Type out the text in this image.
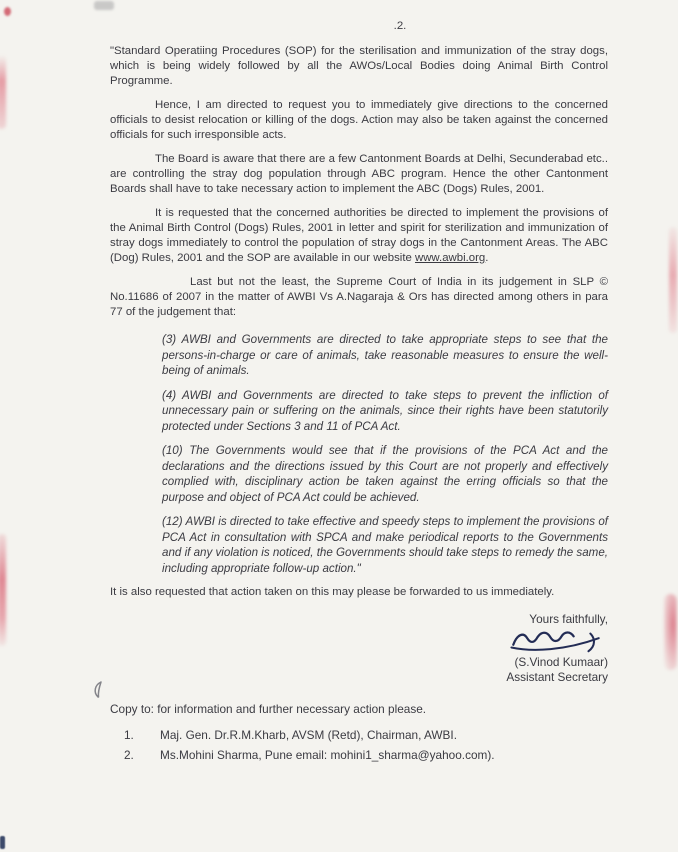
.2.

"Standard Operatiing Procedures (SOP) for the sterilisation and immunization of the stray dogs, which is being widely followed by all the AWOs/Local Bodies doing Animal Birth Control Programme.

Hence, I am directed to request you to immediately give directions to the concerned officials to desist relocation or killing of the dogs. Action may also be taken against the concerned officials for such irresponsible acts.

The Board is aware that there are a few Cantonment Boards at Delhi, Secunderabad etc.. are controlling the stray dog population through ABC program. Hence the other Cantonment Boards shall have to take necessary action to implement the ABC (Dogs) Rules, 2001.

It is requested that the concerned authorities be directed to implement the provisions of the Animal Birth Control (Dogs) Rules, 2001 in letter and spirit for sterilization and immunization of stray dogs immediately to control the population of stray dogs in the Cantonment Areas. The ABC (Dog) Rules, 2001 and the SOP are available in our website www.awbi.org.

Last but not the least, the Supreme Court of India in its judgement in SLP © No.11686 of 2007 in the matter of AWBI Vs A.Nagaraja & Ors has directed among others in para 77 of the judgement that:

(3) AWBI and Governments are directed to take appropriate steps to see that the persons-in-charge or care of animals, take reasonable measures to ensure the well-being of animals.
(4) AWBI and Governments are directed to take steps to prevent the infliction of unnecessary pain or suffering on the animals, since their rights have been statutorily protected under Sections 3 and 11 of PCA Act.
(10) The Governments would see that if the provisions of the PCA Act and the declarations and the directions issued by this Court are not properly and effectively complied with, disciplinary action be taken against the erring officials so that the purpose and object of PCA Act could be achieved.
(12) AWBI is directed to take effective and speedy steps to implement the provisions of PCA Act in consultation with SPCA and make periodical reports to the Governments and if any violation is noticed, the Governments should take steps to remedy the same, including appropriate follow-up action."

It is also requested that action taken on this may please be forwarded to us immediately.

Yours faithfully,
(S.Vinod Kumaar)
Assistant Secretary
Copy to: for information and further necessary action please.
1.	Maj. Gen. Dr.R.M.Kharb, AVSM (Retd), Chairman, AWBI.
2.	Ms.Mohini Sharma, Pune email: mohini1_sharma@yahoo.com).
